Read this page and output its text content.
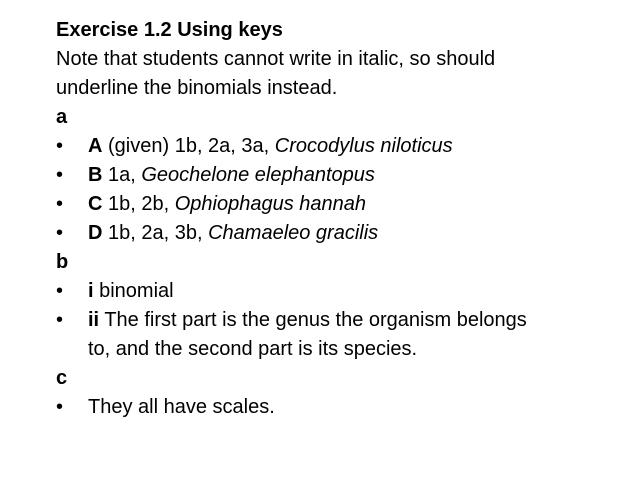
Exercise 1.2 Using keys
Note that students cannot write in italic, so should
underline the binomials instead.
a
•	A (given) 1b, 2a, 3a, Crocodylus niloticus
•	B 1a, Geochelone elephantopus
•	C 1b, 2b, Ophiophagus hannah
•	D 1b, 2a, 3b, Chamaeleo gracilis
b
•	i binomial
•	ii The first part is the genus the organism belongs
to, and the second part is its species.
c
•	They all have scales.
